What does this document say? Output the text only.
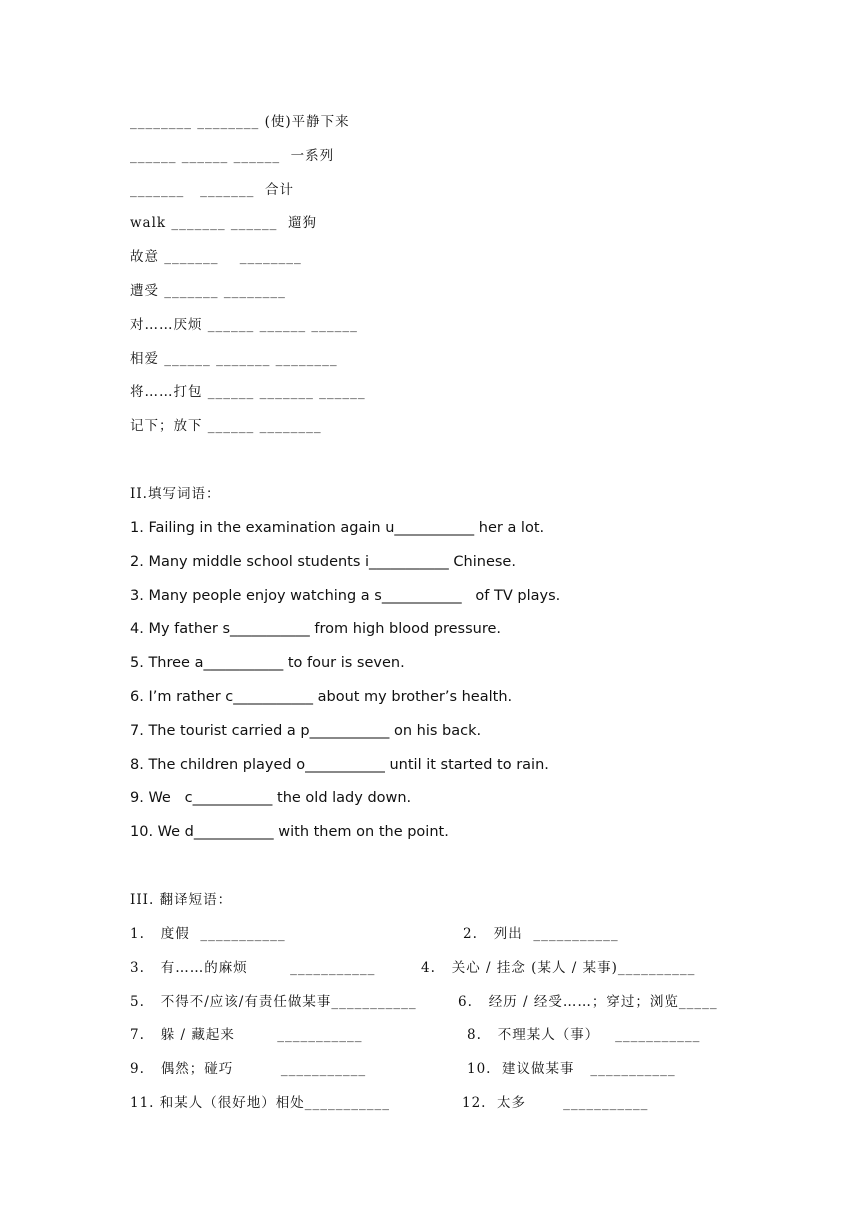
________ ________ (使)平静下来
______ ______ ______  一系列
_______   _______  合计
walk _______ ______  遛狗
故意 _______    ________
遭受 _______ ________
对……厌烦 ______ ______ ______
相爱 ______ _______ ________
将……打包 ______ _______ ______
记下；放下 ______ ________
II.填写词语：
1. Failing in the examination again u___________ her a lot.
2. Many middle school students i___________ Chinese.
3. Many people enjoy watching a s___________   of TV plays.
4. My father s___________ from high blood pressure.
5. Three a___________ to four is seven.
6. I’m rather c___________ about my brother’s health.
7. The tourist carried a p___________ on his back.
8. The children played o___________ until it started to rain.
9. We   c___________ the old lady down.
10. We d___________ with them on the point.
III. 翻译短语：
1.   度假  ___________	2.   列出  ___________
3.   有……的麻烦        ___________	4.   关心 / 挂念 (某人 / 某事)__________
5.   不得不/应该/有责任做某事___________	6.   经历 / 经受……；穿过；浏览_____
7.   躲 / 藏起来        ___________	8.   不理某人（事）   ___________
9.   偶然；碰巧         ___________	10.  建议做某事   ___________
11. 和某人（很好地）相处___________	12.  太多       ___________
